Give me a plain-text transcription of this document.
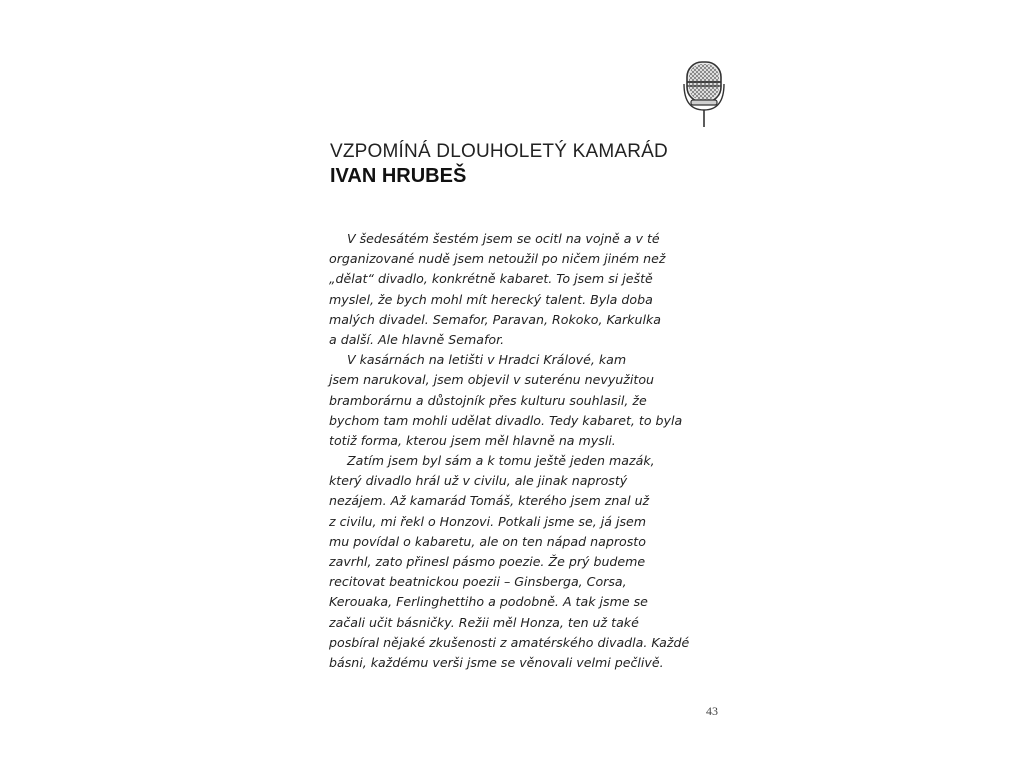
VZPOMÍNÁ DLOUHOLETÝ KAMARÁD
IVAN HRUBEŠ
V šedesátém šestém jsem se ocitl na vojně a v té
organizované nudě jsem netoužil po ničem jiném než
„dělat“ divadlo, konkrétně kabaret. To jsem si ještě
myslel, že bych mohl mít herecký talent. Byla doba
malých divadel. Semafor, Paravan, Rokoko, Karkulka
a další. Ale hlavně Semafor.
V kasárnách na letišti v Hradci Králové, kam
jsem narukoval, jsem objevil v suterénu nevyužitou
bramborárnu a důstojník přes kulturu souhlasil, že
bychom tam mohli udělat divadlo. Tedy kabaret, to byla
totiž forma, kterou jsem měl hlavně na mysli.
Zatím jsem byl sám a k tomu ještě jeden mazák,
který divadlo hrál už v civilu, ale jinak naprostý
nezájem. Až kamarád Tomáš, kterého jsem znal už
z civilu, mi řekl o Honzovi. Potkali jsme se, já jsem
mu povídal o kabaretu, ale on ten nápad naprosto
zavrhl, zato přinesl pásmo poezie. Že prý budeme
recitovat beatnickou poezii – Ginsberga, Corsa,
Kerouaka, Ferlinghettiho a podobně. A tak jsme se
začali učit básničky. Režii měl Honza, ten už také
posbíral nějaké zkušenosti z amatérského divadla. Každé
básni, každému verši jsme se věnovali velmi pečlivě.
43
